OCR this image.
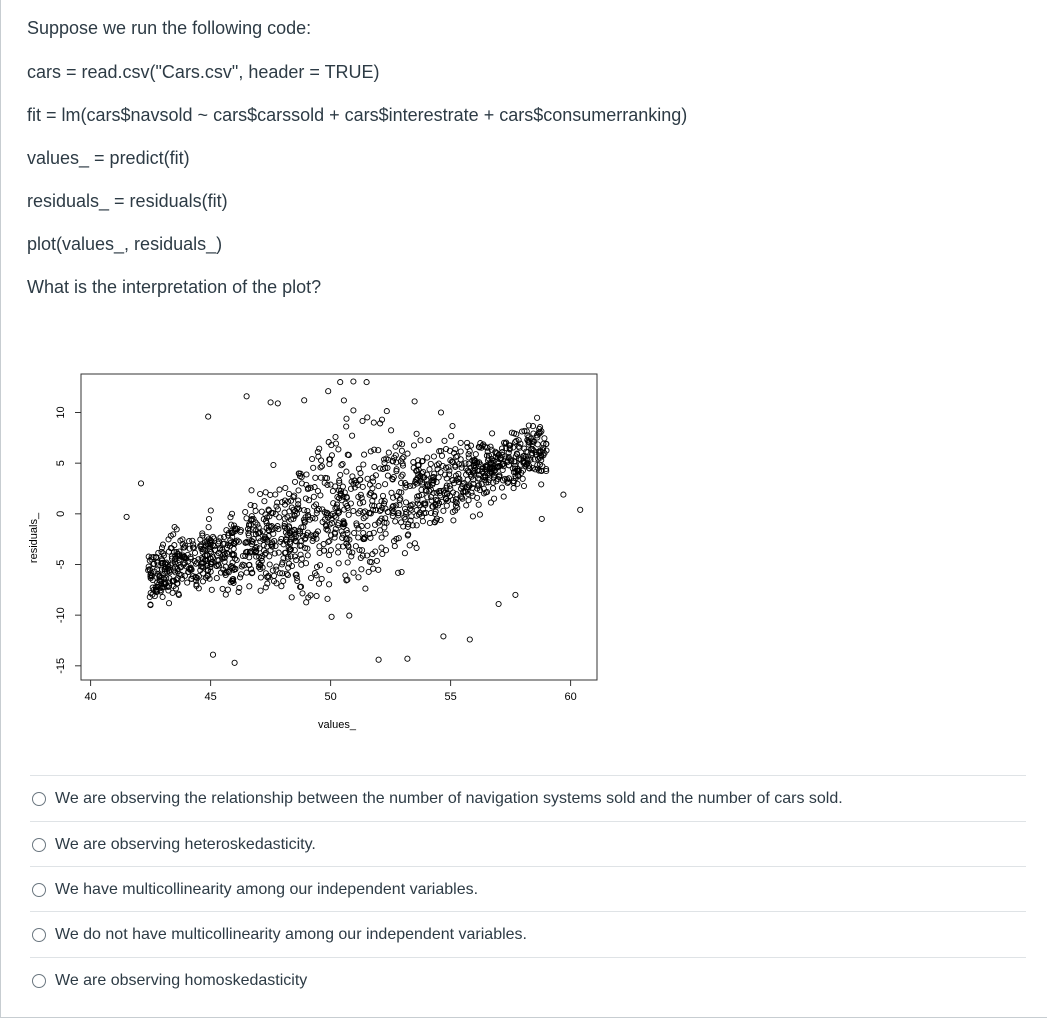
Suppose we run the following code:
cars = read.csv("Cars.csv", header = TRUE)
fit = lm(cars$navsold ~ cars$carssold + cars$interestrate + cars$consumerranking)
values_ = predict(fit)
residuals_ = residuals(fit)
plot(values_, residuals_)
What is the interpretation of the plot?
40	45	50	55	60
-15
-10
-5
0
5
10
values_
residuals_
We are observing the relationship between the number of navigation systems sold and the number of cars sold.
We are observing heteroskedasticity.
We have multicollinearity among our independent variables.
We do not have multicollinearity among our independent variables.
We are observing homoskedasticity
